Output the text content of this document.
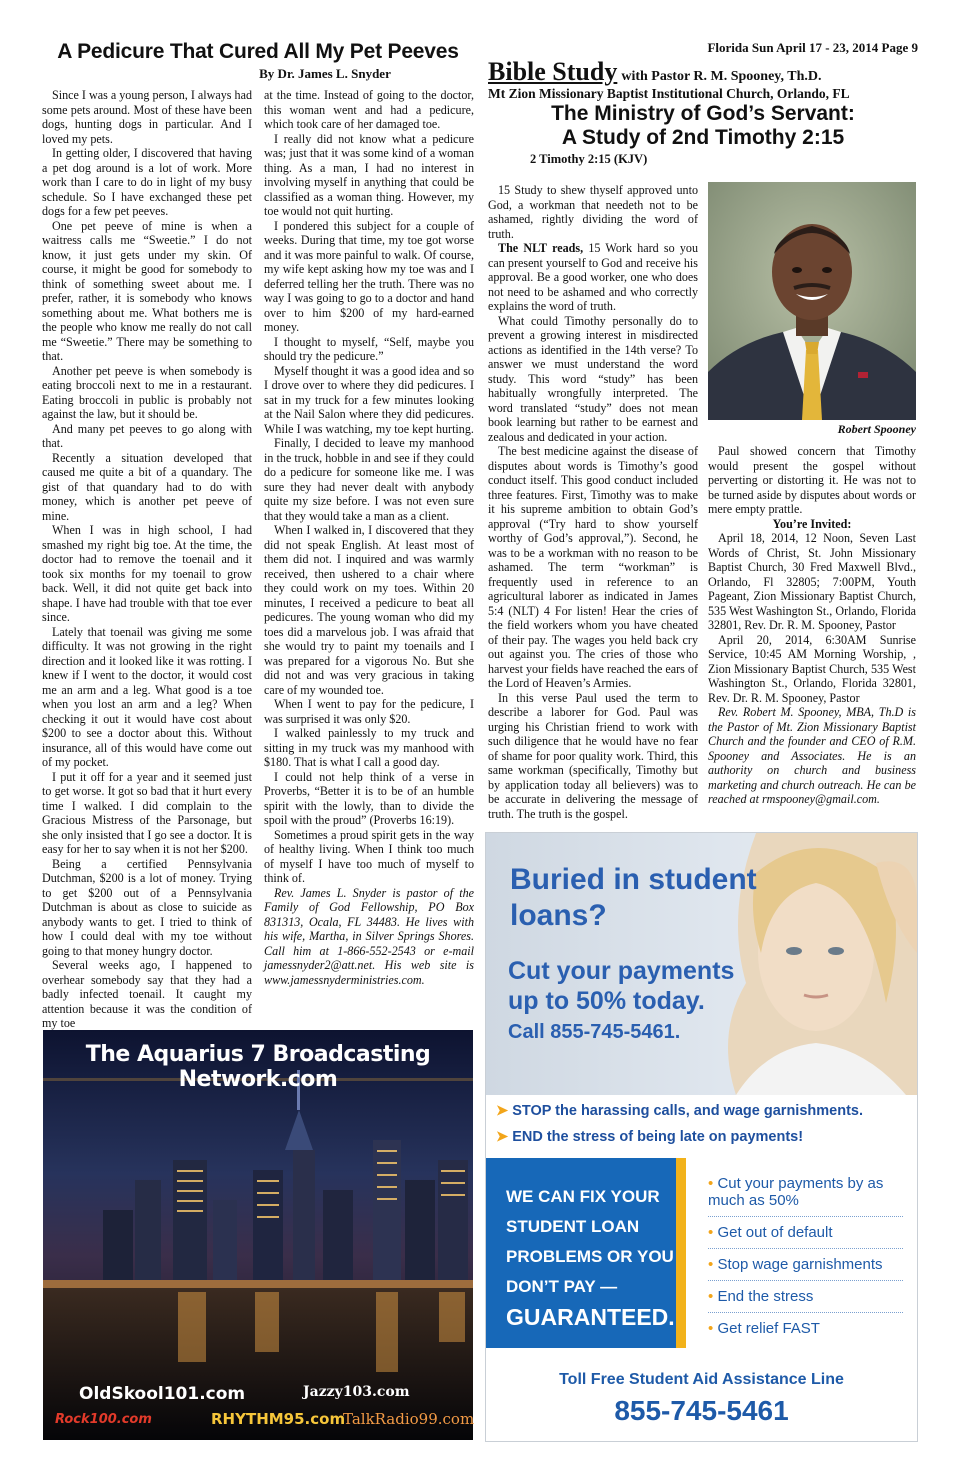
A Pedicure That Cured All My Pet Peeves
By Dr. James L. Snyder

Since I was a young person, I always had some pets around. Most of these have been dogs, hunting dogs in particular. And I loved my pets.

In getting older, I discovered that having a pet dog around is a lot of work. More work than I care to do in light of my busy schedule. So I have exchanged these pet dogs for a few pet peeves.

One pet peeve of mine is when a waitress calls me “Sweetie.” I do not know, it just gets under my skin. Of course, it might be good for somebody to think of something sweet about me. I prefer, rather, it is somebody who knows something about me. What bothers me is the people who know me really do not call me “Sweetie.” There may be something to that.

Another pet peeve is when somebody is eating broccoli next to me in a restaurant. Eating broccoli in public is probably not against the law, but it should be.

And many pet peeves to go along with that.

Recently a situation developed that caused me quite a bit of a quandary. The gist of that quandary had to do with money, which is another pet peeve of mine.

When I was in high school, I had smashed my right big toe. At the time, the doctor had to remove the toenail and it took six months for my toenail to grow back. Well, it did not quite get back into shape. I have had trouble with that toe ever since.

Lately that toenail was giving me some difficulty. It was not growing in the right direction and it looked like it was rotting. I knew if I went to the doctor, it would cost me an arm and a leg. What good is a toe when you lost an arm and a leg? When checking it out it would have cost about $200 to see a doctor about this. Without insurance, all of this would have come out of my pocket.

I put it off for a year and it seemed just to get worse. It got so bad that it hurt every time I walked. I did complain to the Gracious Mistress of the Parsonage, but she only insisted that I go see a doctor. It is easy for her to say when it is not her $200.

Being a certified Pennsylvania Dutchman, $200 is a lot of money. Trying to get $200 out of a Pennsylvania Dutchman is about as close to suicide as anybody wants to get. I tried to think of how I could deal with my toe without going to that money hungry doctor.

Several weeks ago, I happened to overhear somebody say that they had a badly infected toenail. It caught my attention because it was the condition of my toe

at the time. Instead of going to the doctor, this woman went and had a pedicure, which took care of her damaged toe.

I really did not know what a pedicure was; just that it was some kind of a woman thing. As a man, I had no interest in involving myself in anything that could be classified as a woman thing. However, my toe would not quit hurting.

I pondered this subject for a couple of weeks. During that time, my toe got worse and it was more painful to walk. Of course, my wife kept asking how my toe was and I deferred telling her the truth. There was no way I was going to go to a doctor and hand over to him $200 of my hard-earned money.

I thought to myself, “Self, maybe you should try the pedicure.”

Myself thought it was a good idea and so I drove over to where they did pedicures. I sat in my truck for a few minutes looking at the Nail Salon where they did pedicures. While I was watching, my toe kept hurting.

Finally, I decided to leave my manhood in the truck, hobble in and see if they could do a pedicure for someone like me. I was sure they had never dealt with anybody quite my size before. I was not even sure that they would take a man as a client.

When I walked in, I discovered that they did not speak English. At least most of them did not. I inquired and was warmly received, then ushered to a chair where they could work on my toes. Within 20 minutes, I received a pedicure to beat all pedicures. The young woman who did my toes did a marvelous job. I was afraid that she would try to paint my toenails and I was prepared for a vigorous No. But she did not and was very gracious in taking care of my wounded toe.

When I went to pay for the pedicure, I was surprised it was only $20.

I walked painlessly to my truck and sitting in my truck was my manhood with $180. That is what I call a good day.

I could not help think of a verse in Proverbs, “Better it is to be of an humble spirit with the lowly, than to divide the spoil with the proud” (Proverbs 16:19).

Sometimes a proud spirit gets in the way of healthy living. When I think too much of myself I have too much of myself to think of.

Rev. James L. Snyder is pastor of the Family of God Fellowship, PO Box 831313, Ocala, FL 34483. He lives with his wife, Martha, in Silver Springs Shores. Call him at 1-866-552-2543 or e-mail jamessnyder2@att.net. His web site is www.jamessnyderministries.com.

Florida Sun April 17 - 23, 2014 Page 9
Bible Study with Pastor R. M. Spooney, Th.D.
Mt Zion Missionary Baptist Institutional Church, Orlando, FL
The Ministry of God’s Servant:
A Study of 2nd Timothy 2:15
2 Timothy 2:15 (KJV)

15 Study to shew thyself approved unto God, a workman that needeth not to be ashamed, rightly dividing the word of truth.

The NLT reads, 15 Work hard so you can present yourself to God and receive his approval. Be a good worker, one who does not need to be ashamed and who correctly explains the word of truth.

What could Timothy personally do to prevent a growing interest in misdirected actions as identified in the 14th verse? To answer we must understand the word study. This word “study” has been habitually wrongfully interpreted. The word translated “study” does not mean book learning but rather to be earnest and zealous and dedicated in your action.

The best medicine against the disease of disputes about words is Timothy’s good conduct itself. This good conduct included three features. First, Timothy was to make it his supreme ambition to obtain God’s approval (“Try hard to show yourself worthy of God’s approval,”). Second, he was to be a workman with no reason to be ashamed. The term “workman” is frequently used in reference to an agricultural laborer as indicated in James 5:4 (NLT) 4 For listen! Hear the cries of the field workers whom you have cheated of their pay. The wages you held back cry out against you. The cries of those who harvest your fields have reached the ears of the Lord of Heaven’s Armies.

In this verse Paul used the term to describe a laborer for God. Paul was urging his Christian friend to work with such diligence that he would have no fear of shame for poor quality work. Third, this same workman (specifically, Timothy but by application today all believers) was to be accurate in delivering the message of truth. The truth is the gospel.

Robert Spooney

Paul showed concern that Timothy would present the gospel without perverting or distorting it. He was not to be turned aside by disputes about words or mere empty prattle.

You’re Invited:

April 18, 2014, 12 Noon, Seven Last Words of Christ, St. John Missionary Baptist Church, 30 Fred Maxwell Blvd., Orlando, Fl 32805; 7:00PM, Youth Pageant, Zion Missionary Baptist Church, 535 West Washington St., Orlando, Florida 32801, Rev. Dr. R. M. Spooney, Pastor

April 20, 2014, 6:30AM Sunrise Service, 10:45 AM Morning Worship, , Zion Missionary Baptist Church, 535 West Washington St., Orlando, Florida 32801, Rev. Dr. R. M. Spooney, Pastor

Rev. Robert M. Spooney, MBA, Th.D is the Pastor of Mt. Zion Missionary Baptist Church and the founder and CEO of R.M. Spooney and Associates. He is an authority on church and business marketing and church outreach. He can be reached at rmspooney@gmail.com.

The Aquarius 7 Broadcasting Network.com
OldSkool101.com	Jazzy103.com
Rock100.com	RHYTHM95.com
TalkRadio99.com
Buried in student
loans?
Cut your payments
up to 50% today.
Call 855-745-5461.
➤ STOP the harassing calls, and wage garnishments.
➤ END the stress of being late on payments!
WE CAN FIX YOUR
STUDENT LOAN
PROBLEMS OR YOU
DON’T PAY —
GUARANTEED.
• Cut your payments by as much as 50%
• Get out of default
• Stop wage garnishments
• End the stress
• Get relief FAST
Toll Free Student Aid Assistance Line
855-745-5461
